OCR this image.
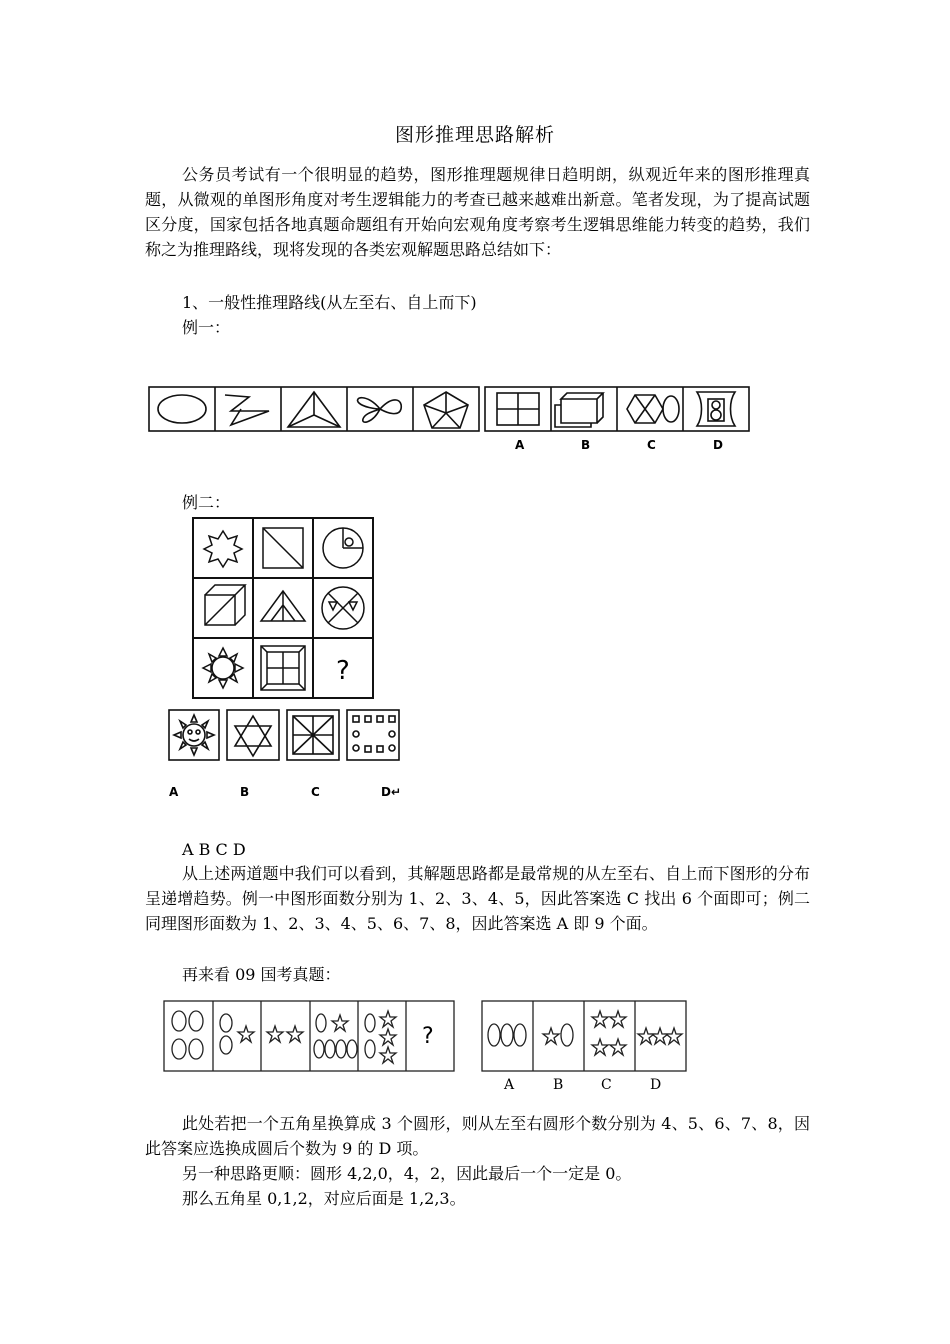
图形推理思路解析
公务员考试有一个很明显的趋势，图形推理题规律日趋明朗，纵观近年来的图形推理真题，从微观的单图形角度对考生逻辑能力的考查已越来越难出新意。笔者发现，为了提高试题区分度，国家包括各地真题命题组有开始向宏观角度考察考生逻辑思维能力转变的趋势，我们称之为推理路线，现将发现的各类宏观解题思路总结如下：
1、一般性推理路线(从左至右、自上而下)
例一：
A	B	C	D
例二：
?
A	B	C	D↵
A B C D
从上述两道题中我们可以看到，其解题思路都是最常规的从左至右、自上而下图形的分布呈递增趋势。例一中图形面数分别为 1、2、3、4、5，因此答案选 C 找出 6 个面即可；例二同理图形面数为 1、2、3、4、5、6、7、8，因此答案选 A 即 9 个面。
再来看 09 国考真题：
?
A	B	C	D
此处若把一个五角星换算成 3 个圆形，则从左至右圆形个数分别为 4、5、6、7、8，因此答案应选换成圆后个数为 9 的 D 项。
另一种思路更顺：圆形 4,2,0，4，2，因此最后一个一定是 0。
那么五角星 0,1,2，对应后面是 1,2,3。
